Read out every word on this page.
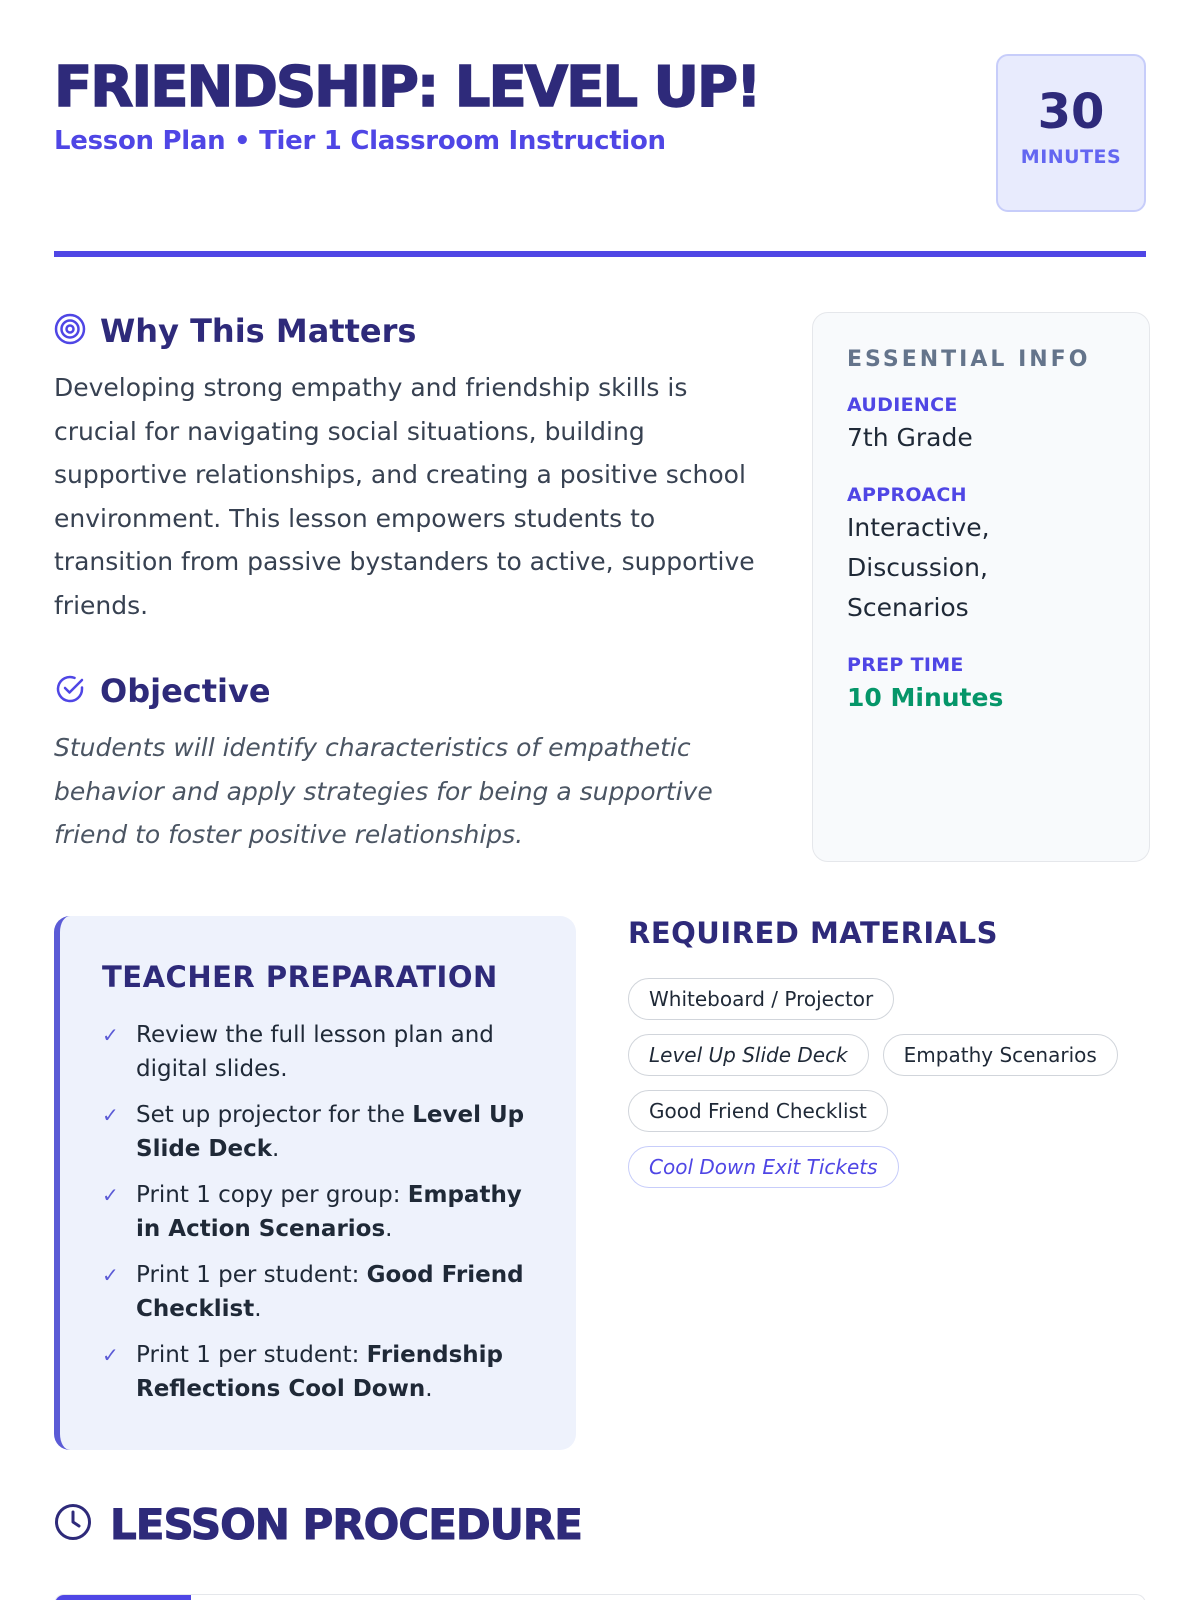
FRIENDSHIP: LEVEL UP!
Lesson Plan • Tier 1 Classroom Instruction
30
MINUTES
Why This Matters

Developing strong empathy and friendship skills is crucial for navigating social situations, building supportive relationships, and creating a positive school environment. This lesson empowers students to transition from passive bystanders to active, supportive friends.

Objective

Students will identify characteristics of empathetic behavior and apply strategies for being a supportive friend to foster positive relationships.

ESSENTIAL INFO
AUDIENCE
7th Grade
APPROACH
Interactive, Discussion, Scenarios
PREP TIME
10 Minutes
TEACHER PREPARATION
✓ Review the full lesson plan and digital slides.
✓ Set up projector for the Level Up Slide Deck.
✓ Print 1 copy per group: Empathy in Action Scenarios.
✓ Print 1 per student: Good Friend Checklist.
✓ Print 1 per student: Friendship Reflections Cool Down.
REQUIRED MATERIALS
Whiteboard / Projector
Level Up Slide Deck	Empathy Scenarios
Good Friend Checklist
Cool Down Exit Tickets
LESSON PROCEDURE
